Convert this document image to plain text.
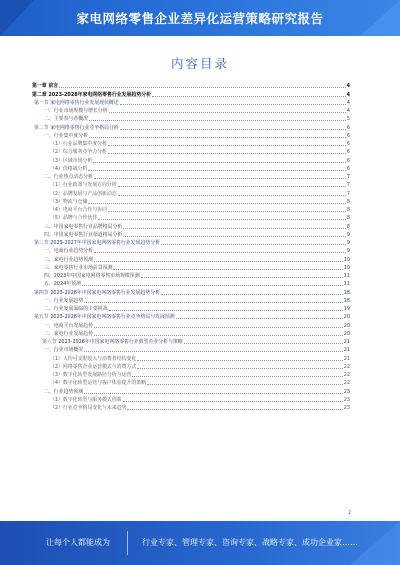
家电网络零售企业差异化运营策略研究报告
内容目录
第一章 前言	4
第二章 2023-2028年家电网络零售行业发展趋势分析	4
第一节 家电网络零售行业发展现状概述	4
一、行业市场规模与增长分析	4
二、主要参与者概况	5
第二节 家电网络零售行业竞争格局分析	6
一、行业集中度分析	6
（1）行业品牌集中度分析	6
（2）综合服务竞争力分析	6
（3）区域市场分析	6
（4）价格战分析	6
二、行业热点动态分析	7
（1）行业政策与发展方向分析	7
（2）品牌发展与产品创新动态	7
（3）物流与仓储	8
（4）电商平台合作与协同	8
（5）品牌与合作伙伴	8
三、中国家电零售行业品牌格局分析	8
四、中国家电零售行业渠道格局分析	9
第三节 2023-2027年中国家电网络零售行业发展趋势分析	9
一、电商行业趋势分析	9
二、家电行业趋势预测	10
三、家电零售行业市场前景预测	10
四、2023年中国家电网络零售市场规模预测	11
五、2024年预测	11
第四节 2023-2028年中国家电网络零售行业发展趋势分析	18
一、行业发展趋势	18
二、行业发展面临的主要挑战	19
第五节 2023-2028年中国家电网络零售行业竞争格局与发展预测	20
一、电商平台发展趋势	20
二、家电行业发展趋势	20
第六节 2023-2028年中国家电网络零售行业典型企业分析与策略	21
一、行业市场概况	21
（1）人均可支配收入与消费者结构变化	21
（2）网络零售企业运营模式与消费方式	22
（3）数字化转型发展路径分析与运营	22
（4）数字化转型运营与客户体验提升的策略	22
二、行业趋势预测	23
（1）数字化转型与服务模式创新	23
（2）行业竞争格局变化与未来趋势	23
2
让每个人都能成为	行业专家、管理专家、咨询专家、战略专家、成功企业家……
